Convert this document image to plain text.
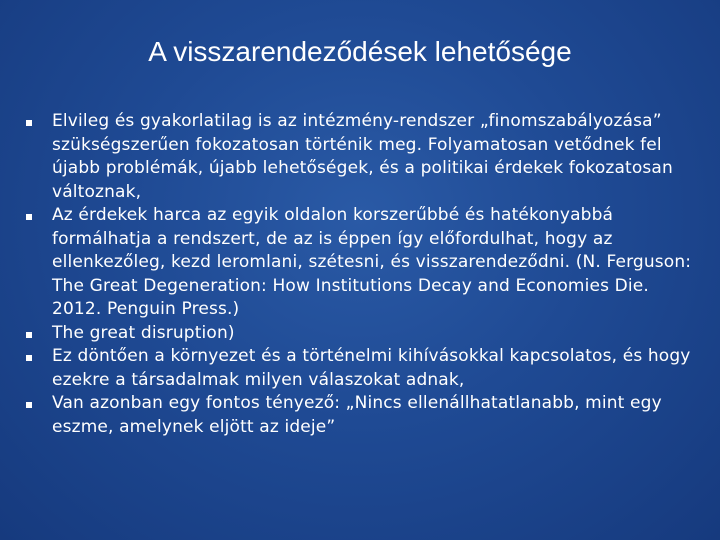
A visszarendeződések lehetősége
Elvileg és gyakorlatilag is az intézmény-rendszer „finomszabályozása” szükségszerűen fokozatosan történik meg. Folyamatosan vetődnek fel újabb problémák, újabb lehetőségek, és a politikai érdekek fokozatosan változnak,
Az érdekek harca az egyik oldalon korszerűbbé és hatékonyabbá formálhatja a rendszert, de az is éppen így előfordulhat, hogy az ellenkezőleg, kezd leromlani, szétesni, és visszarendeződni. (N. Ferguson: The Great Degeneration: How Institutions Decay and Economies Die. 2012. Penguin Press.)
The great disruption)
Ez döntően a környezet és a történelmi kihívásokkal kapcsolatos, és hogy ezekre a társadalmak milyen válaszokat adnak,
Van azonban egy fontos tényező: „Nincs ellenállhatatlanabb, mint egy eszme, amelynek eljött az ideje”
